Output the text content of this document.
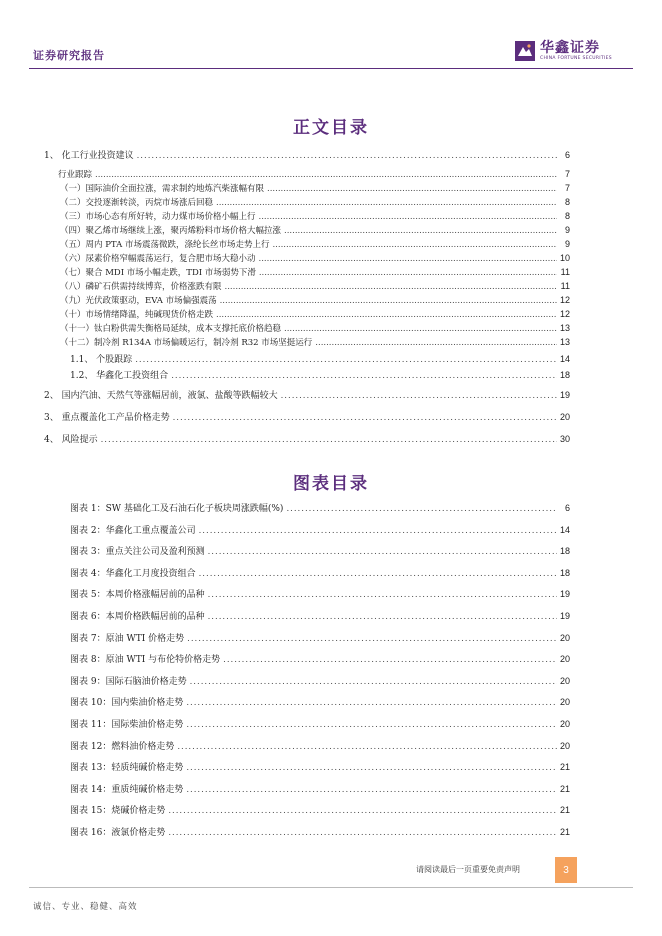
证券研究报告	华鑫证券
CHINA FORTUNE SECURITIES
正文目录
1、 化工行业投资建议 .....	6
行业跟踪 .....	7
（一）国际油价全面拉涨，需求制约地炼汽柴涨幅有限 .....	7
（二）交投逐渐转淡，丙烷市场涨后回稳 .....	8
（三）市场心态有所好转，动力煤市场价格小幅上行 .....	8
（四）聚乙烯市场继续上涨，聚丙烯粉料市场价格大幅拉涨 .....	9
（五）周内 PTA 市场震荡微跌，涤纶长丝市场走势上行 .....	9
（六）尿素价格窄幅震荡运行，复合肥市场大稳小动 .....	10
（七）聚合 MDI 市场小幅走跌，TDI 市场弱势下滑 .....	11
（八）磷矿石供需持续博弈，价格涨跌有限 .....	11
（九）光伏政策驱动，EVA 市场偏强震荡 .....	12
（十）市场情绪降温，纯碱现货价格走跌 .....	12
（十一）钛白粉供需失衡格局延续，成本支撑托底价格趋稳 .....	13
（十二）制冷剂 R134A 市场偏暖运行，制冷剂 R32 市场坚挺运行 .....	13
1.1、 个股跟踪 .....	14
1.2、 华鑫化工投资组合 .....	18
2、 国内汽油、天然气等涨幅居前，液氯、盐酸等跌幅较大 .....	19
3、 重点覆盖化工产品价格走势 .....	20
4、 风险提示 .....	30
图表目录
图表 1：SW 基础化工及石油石化子板块周涨跌幅(%) .....	6
图表 2：华鑫化工重点覆盖公司 .....	14
图表 3：重点关注公司及盈利预测 .....	18
图表 4：华鑫化工月度投资组合 .....	18
图表 5：本周价格涨幅居前的品种 .....	19
图表 6：本周价格跌幅居前的品种 .....	19
图表 7：原油 WTI 价格走势 .....	20
图表 8：原油 WTI 与布伦特价格走势 .....	20
图表 9：国际石脑油价格走势 .....	20
图表 10：国内柴油价格走势 .....	20
图表 11：国际柴油价格走势 .....	20
图表 12：燃料油价格走势 .....	20
图表 13：轻质纯碱价格走势 .....	21
图表 14：重质纯碱价格走势 .....	21
图表 15：烧碱价格走势 .....	21
图表 16：液氯价格走势 .....	21
请阅读最后一页重要免责声明	3
诚信、专业、稳健、高效
